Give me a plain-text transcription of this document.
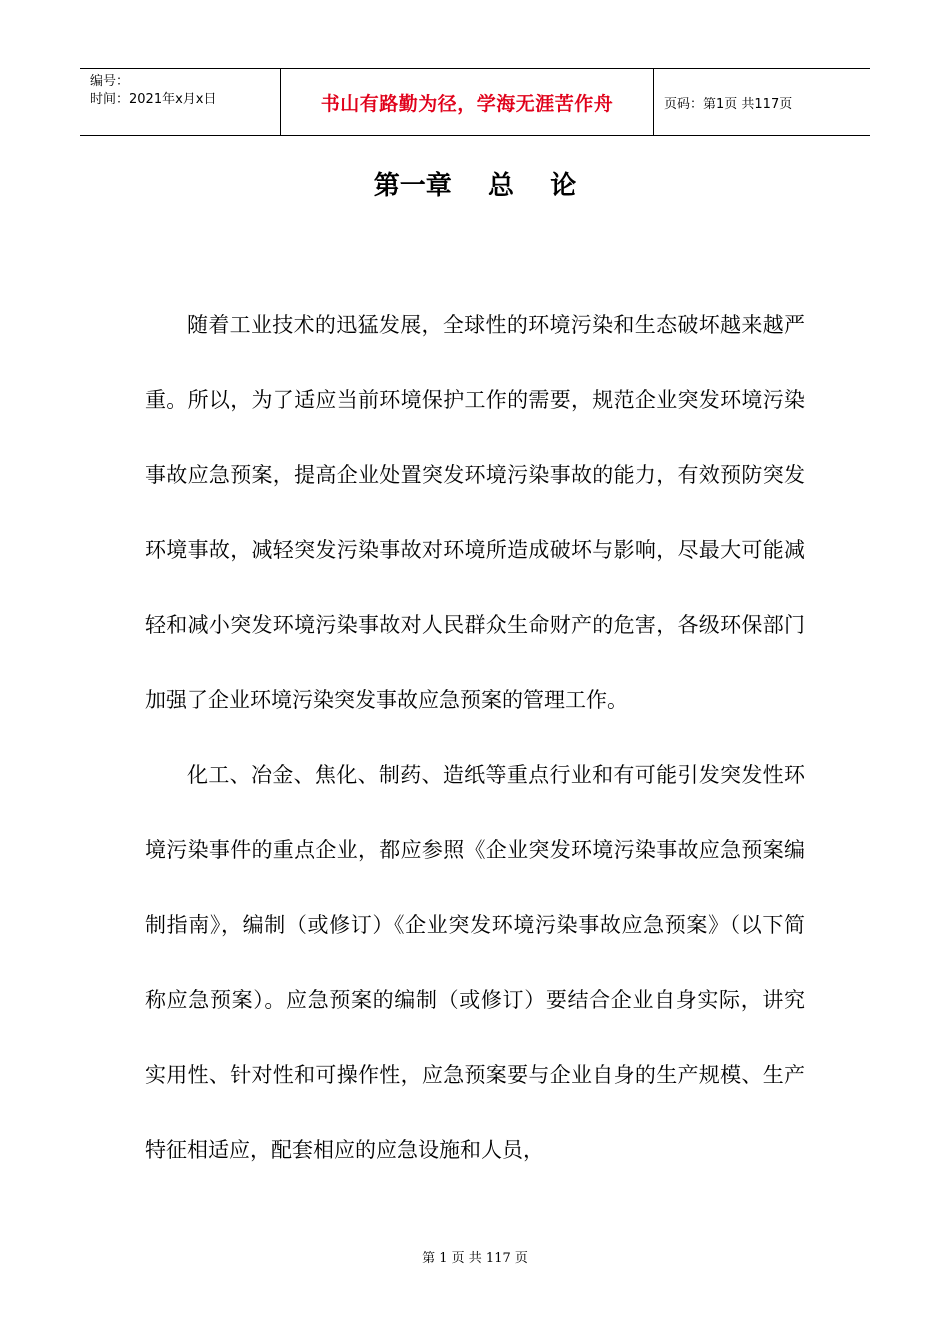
编号：
时间：2021年x月x日	书山有路勤为径，学海无涯苦作舟	页码：第1页 共117页
第一章    总    论

随着工业技术的迅猛发展，全球性的环境污染和生态破坏越来越严重。所以，为了适应当前环境保护工作的需要，规范企业突发环境污染事故应急预案，提高企业处置突发环境污染事故的能力，有效预防突发环境事故，减轻突发污染事故对环境所造成破坏与影响，尽最大可能减轻和减小突发环境污染事故对人民群众生命财产的危害，各级环保部门加强了企业环境污染突发事故应急预案的管理工作。

化工、冶金、焦化、制药、造纸等重点行业和有可能引发突发性环境污染事件的重点企业，都应参照《企业突发环境污染事故应急预案编制指南》，编制（或修订）《企业突发环境污染事故应急预案》（以下简称应急预案）。应急预案的编制（或修订）要结合企业自身实际，讲究实用性、针对性和可操作性，应急预案要与企业自身的生产规模、生产特征相适应，配套相应的应急设施和人员，

第 1 页 共 117 页
